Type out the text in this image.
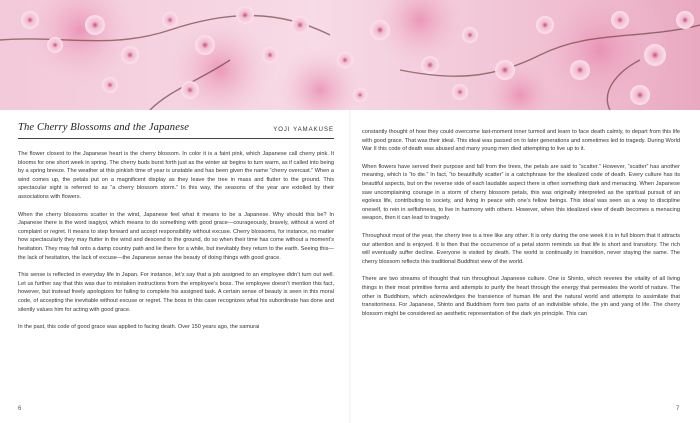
The Cherry Blossoms and the Japanese	YOJI YAMAKUSE

The flower closest to the Japanese heart is the cherry blossom. In color it is a faint pink, which Japanese call cherry pink. It blooms for one short week in spring. The cherry buds burst forth just as the winter air begins to turn warm, as if called into being by a spring breeze. The weather at this pinkish time of year is unstable and has been given the name “cherry overcast.” When a wind comes up, the petals put on a magnificent display as they leave the tree in mass and flutter to the ground. This spectacular sight is referred to as “a cherry blossom storm.” In this way, the seasons of the year are extolled by their associations with flowers.

When the cherry blossoms scatter in the wind, Japanese feel what it means to be a Japanese. Why should this be? In Japanese there is the word isagiyoi, which means to do something with good grace—courageously, bravely, without a word of complaint or regret. It means to step forward and accept responsibility without excuse. Cherry blossoms, for instance, no matter how spectacularly they may flutter in the wind and descend to the ground, do so when their time has come without a moment’s hesitation. They may fall onto a damp country path and lie there for a while, but inevitably they return to the earth. Seeing this—the lack of hesitation, the lack of excuse—the Japanese sense the beauty of doing things with good grace.

This sense is reflected in everyday life in Japan. For instance, let’s say that a job assigned to an employee didn’t turn out well. Let us further say that this was due to mistaken instructions from the employee’s boss. The employee doesn’t mention this fact, however, but instead freely apologizes for failing to complete his assigned task. A certain sense of beauty is seen in this moral code, of accepting the inevitable without excuse or regret. The boss in this case recognizes what his subordinate has done and silently values him for acting with good grace.

In the past, this code of good grace was applied to facing death. Over 150 years ago, the samurai

constantly thought of how they could overcome last-moment inner turmoil and learn to face death calmly, to depart from this life with good grace. That was their ideal. This ideal was passed on to later generations and sometimes led to tragedy. During World War II this code of death was abused and many young men died attempting to live up to it.

When flowers have served their purpose and fall from the trees, the petals are said to “scatter.” However, “scatter” has another meaning, which is “to die.” In fact, “to beautifully scatter” is a catchphrase for the idealized code of death. Every culture has its beautiful aspects, but on the reverse side of each laudable aspect there is often something dark and menacing. When Japanese saw uncomplaining courage in a storm of cherry blossom petals, this was originally interpreted as the spiritual pursuit of an egoless life, contributing to society, and living in peace with one’s fellow beings. This ideal was seen as a way to discipline oneself, to rein in selfishness, to live in harmony with others. However, when this idealized view of death becomes a menacing weapon, then it can lead to tragedy.

Throughout most of the year, the cherry tree is a tree like any other. It is only during the one week it is in full bloom that it attracts our attention and is enjoyed. It is then that the occurrence of a petal storm reminds us that life is short and transitory. The rich will eventually suffer decline. Everyone is visited by death. The world is continually in transition, never staying the same. The cherry blossom reflects this traditional Buddhist view of the world.

There are two streams of thought that run throughout Japanese culture. One is Shinto, which reveres the vitality of all living things in their most primitive forms and attempts to purify the heart through the energy that permeates the world of nature. The other is Buddhism, which acknowledges the transience of human life and the natural world and attempts to assimilate that transitoriness. For Japanese, Shinto and Buddhism form two parts of an indivisible whole, the yin and yang of life. The cherry blossom might be considered an aesthetic representation of the dark yin principle. This can

6	7
